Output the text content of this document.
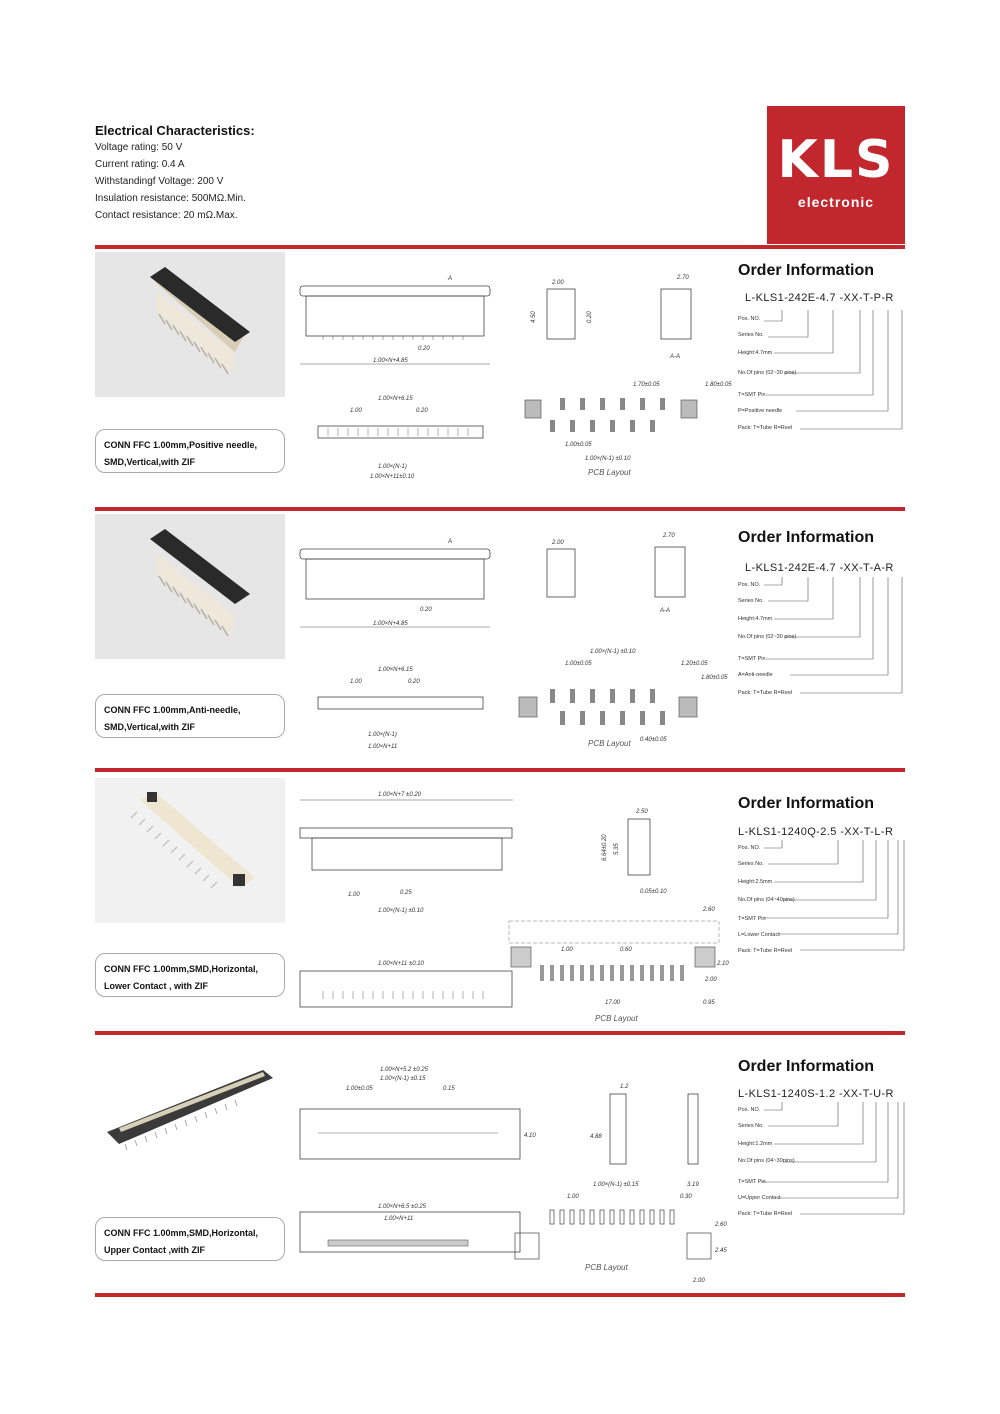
Electrical Characteristics:
Voltage rating: 50 V
Current rating: 0.4 A
Withstandingf Voltage: 200 V
Insulation resistance: 500MΩ.Min.
Contact resistance: 20 mΩ.Max.
KLS
electronic
CONN FFC 1.00mm,Positive needle,
SMD,Vertical,with ZIF
1.00×N+4.85
0.20
A
1.00×N+6.15
1.00	0.20
1.00×(N-1)
1.00×N+11±0.10
2.00
4.50	0.20
2.70
A-A
1.70±0.05	1.80±0.05
1.00±0.05
1.00×(N-1) ±0.10
PCB Layout
Order Information
L-KLS1-242E-4.7 -XX-T-P-R
Pos. NO.
Series No.
Height:4.7mm
No.Of pins (02~30 pins)
T=SMT Pin
P=Positive needle
Pack: T=Tube R=Reel
CONN FFC 1.00mm,Anti-needle,
SMD,Vertical,with ZIF
1.00×N+4.85
0.20
A
1.00×N+6.15
1.00	0.20
1.00×(N-1)
1.00×N+11
2.00
2.70
A-A
1.00×(N-1) ±0.10
1.00±0.05	1.20±0.05
1.80±0.05
0.40±0.05
PCB Layout
Order Information
L-KLS1-242E-4.7 -XX-T-A-R
Pos. NO.
Series No.
Height:4.7mm
No.Of pins (02~30 pins)
T=SMT Pin
A=Anti-needle
Pack: T=Tube R=Reel
CONN FFC 1.00mm,SMD,Horizontal,
Lower Contact , with ZIF
1.00×N+7 ±0.20
1.00	0.25
1.00×(N-1) ±0.10
2.50
6.64±0.20 5.35
0.05±0.10
1.00×N+11 ±0.10
2.60
1.00	0.60
2.10
2.00
17.00	0.95
PCB Layout
Order Information
L-KLS1-1240Q-2.5 -XX-T-L-R
Pos. NO.
Series No.
Height:2.5mm
No.Of pins (04~40pins)
T=SMT Pin
L=Lower Contact
Pack: T=Tube R=Reel
CONN FFC 1.00mm,SMD,Horizontal,
Upper Contact ,with ZIF
1.00×N+5.2 ±0.25
1.00×(N-1) ±0.15
1.00±0.05	0.15
4.10
1.2
4.88
1.00×N+6.5 ±0.25
1.00×N+11
1.00×(N-1) ±0.15	3.19
1.00	0.30
2.60
2.45
2.00
PCB Layout
Order Information
L-KLS1-1240S-1.2 -XX-T-U-R
Pos. NO.
Series No.
Height:1.2mm
No.Of pins (04~30pins)
T=SMT Pin
U=Upper Contact
Pack: T=Tube R=Reel
